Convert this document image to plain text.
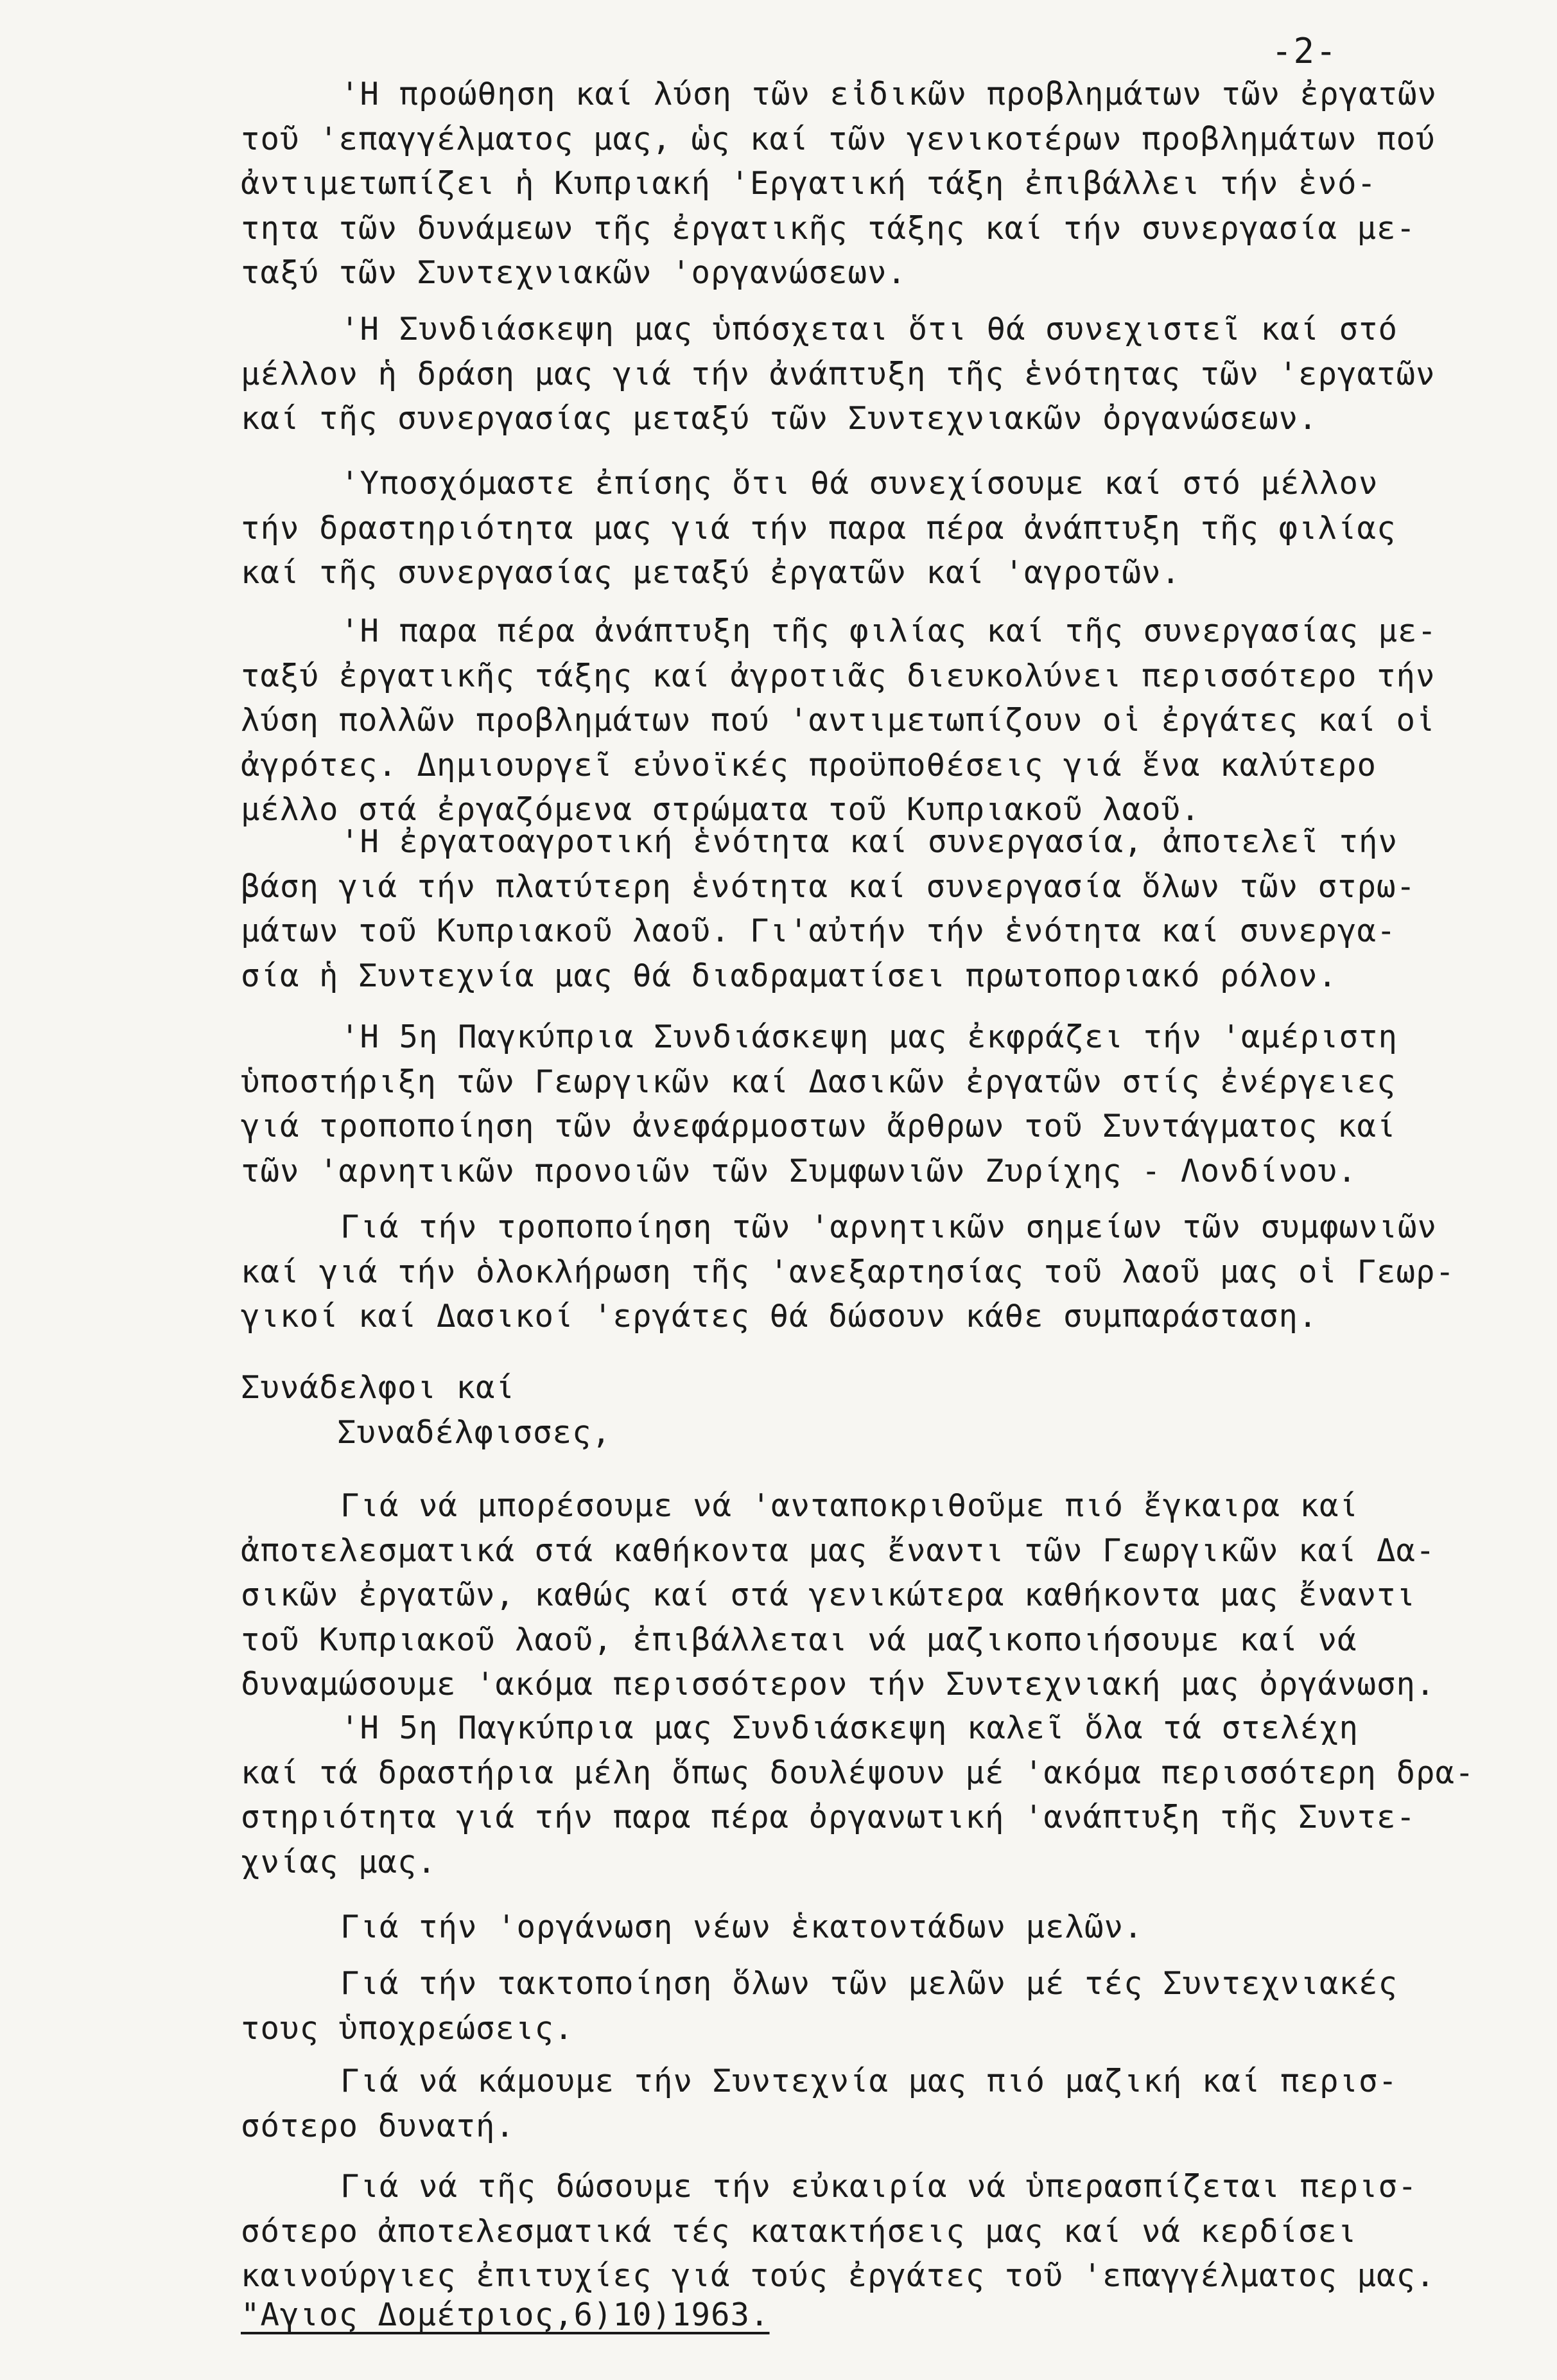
-2-
'Η προώθηση καί λύση τῶν εἰδικῶν προβλημάτων τῶν ἐργατῶν
τοῦ 'επαγγέλματος μας, ὡς καί τῶν γενικοτέρων προβλημάτων πού
ἀντιμετωπίζει ἡ Κυπριακή 'Εργατική τάξη ἐπιβάλλει τήν ἑνό-
τητα τῶν δυνάμεων τῆς ἐργατικῆς τάξης καί τήν συνεργασία με-
ταξύ τῶν Συντεχνιακῶν 'οργανώσεων.
'Η Συνδιάσκεψη μας ὑπόσχεται ὅτι θά συνεχιστεῖ καί στό
μέλλον ἡ δράση μας γιά τήν ἀνάπτυξη τῆς ἑνότητας τῶν 'εργατῶν
καί τῆς συνεργασίας μεταξύ τῶν Συντεχνιακῶν ὀργανώσεων.
'Υποσχόμαστε ἐπίσης ὅτι θά συνεχίσουμε καί στό μέλλον
τήν δραστηριότητα μας γιά τήν παρα πέρα ἀνάπτυξη τῆς φιλίας
καί τῆς συνεργασίας μεταξύ ἐργατῶν καί 'αγροτῶν.
'Η παρα πέρα ἀνάπτυξη τῆς φιλίας καί τῆς συνεργασίας με-
ταξύ ἐργατικῆς τάξης καί ἀγροτιᾶς διευκολύνει περισσότερο τήν
λύση πολλῶν προβλημάτων πού 'αντιμετωπίζουν οἱ ἐργάτες καί οἱ
ἀγρότες. Δημιουργεῖ εὐνοϊκές προϋποθέσεις γιά ἕνα καλύτερο
μέλλο στά ἐργαζόμενα στρώματα τοῦ Κυπριακοῦ λαοῦ.
'Η ἐργατοαγροτική ἑνότητα καί συνεργασία, ἀποτελεῖ τήν
βάση γιά τήν πλατύτερη ἑνότητα καί συνεργασία ὅλων τῶν στρω-
μάτων τοῦ Κυπριακοῦ λαοῦ. Γι'αὐτήν τήν ἑνότητα καί συνεργα-
σία ἡ Συντεχνία μας θά διαδραματίσει πρωτοποριακό ρόλον.
'Η 5η Παγκύπρια Συνδιάσκεψη μας ἐκφράζει τήν 'αμέριστη
ὑποστήριξη τῶν Γεωργικῶν καί Δασικῶν ἐργατῶν στίς ἐνέργειες
γιά τροποποίηση τῶν ἀνεφάρμοστων ἄρθρων τοῦ Συντάγματος καί
τῶν 'αρνητικῶν προνοιῶν τῶν Συμφωνιῶν Ζυρίχης - Λονδίνου.
Γιά τήν τροποποίηση τῶν 'αρνητικῶν σημείων τῶν συμφωνιῶν
καί γιά τήν ὁλοκλήρωση τῆς 'ανεξαρτησίας τοῦ λαοῦ μας οἱ Γεωρ-
γικοί καί Δασικοί 'εργάτες θά δώσουν κάθε συμπαράσταση.
Συνάδελφοι καί
Συναδέλφισσες,
Γιά νά μπορέσουμε νά 'ανταποκριθοῦμε πιό ἔγκαιρα καί
ἀποτελεσματικά στά καθήκοντα μας ἔναντι τῶν Γεωργικῶν καί Δα-
σικῶν ἐργατῶν, καθώς καί στά γενικώτερα καθήκοντα μας ἔναντι
τοῦ Κυπριακοῦ λαοῦ, ἐπιβάλλεται νά μαζικοποιήσουμε καί νά
δυναμώσουμε 'ακόμα περισσότερον τήν Συντεχνιακή μας ὀργάνωση.
'Η 5η Παγκύπρια μας Συνδιάσκεψη καλεῖ ὅλα τά στελέχη
καί τά δραστήρια μέλη ὅπως δουλέψουν μέ 'ακόμα περισσότερη δρα-
στηριότητα γιά τήν παρα πέρα ὀργανωτική 'ανάπτυξη τῆς Συντε-
χνίας μας.
Γιά τήν 'οργάνωση νέων ἑκατοντάδων μελῶν.
Γιά τήν τακτοποίηση ὅλων τῶν μελῶν μέ τές Συντεχνιακές
τους ὑποχρεώσεις.
Γιά νά κάμουμε τήν Συντεχνία μας πιό μαζική καί περισ-
σότερο δυνατή.
Γιά νά τῆς δώσουμε τήν εὐκαιρία νά ὑπερασπίζεται περισ-
σότερο ἀποτελεσματικά τές κατακτήσεις μας καί νά κερδίσει
καινούργιες ἐπιτυχίες γιά τούς ἐργάτες τοῦ 'επαγγέλματος μας.
"Αγιος Δομέτριος,6)10)1963.
